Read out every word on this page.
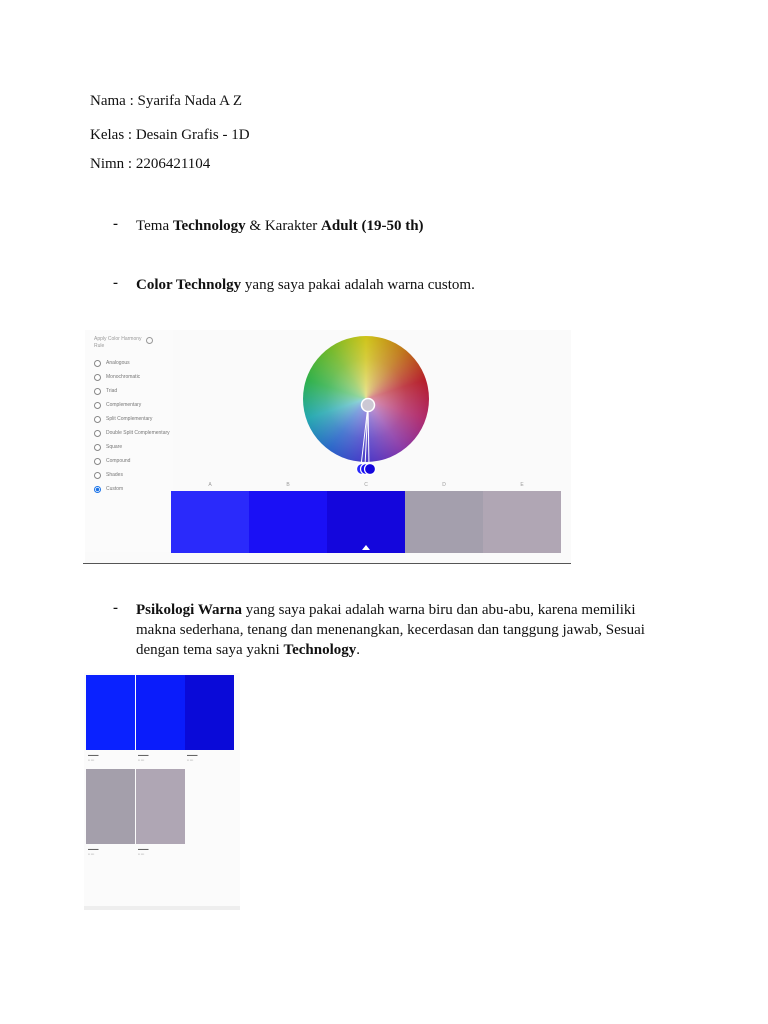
Nama : Syarifa Nada A Z
Kelas : Desain Grafis - 1D
Nimn : 2206421104
- Tema Technology & Karakter Adult (19-50 th)
- Color Technolgy yang saya pakai adalah warna custom.
Apply Color Harmony Rule
Analogous
Monochromatic
Triad
Complementary
Split Complementary
Double Split Complementary
Square
Compound
Shades
Custom
A	B	C	D	E
- Psikologi Warna yang saya pakai adalah warna biru dan abu-abu, karena memiliki makna sederhana, tenang dan menenangkan, kecerdasan dan tanggung jawab, Sesuai dengan tema saya yakni Technology.
▬▬▬
▪▪ ▪▪▪
▬▬▬
▪▪ ▪▪▪
▬▬▬
▪▪ ▪▪▪
▬▬▬
▪▪ ▪▪▪
▬▬▬
▪▪ ▪▪▪
